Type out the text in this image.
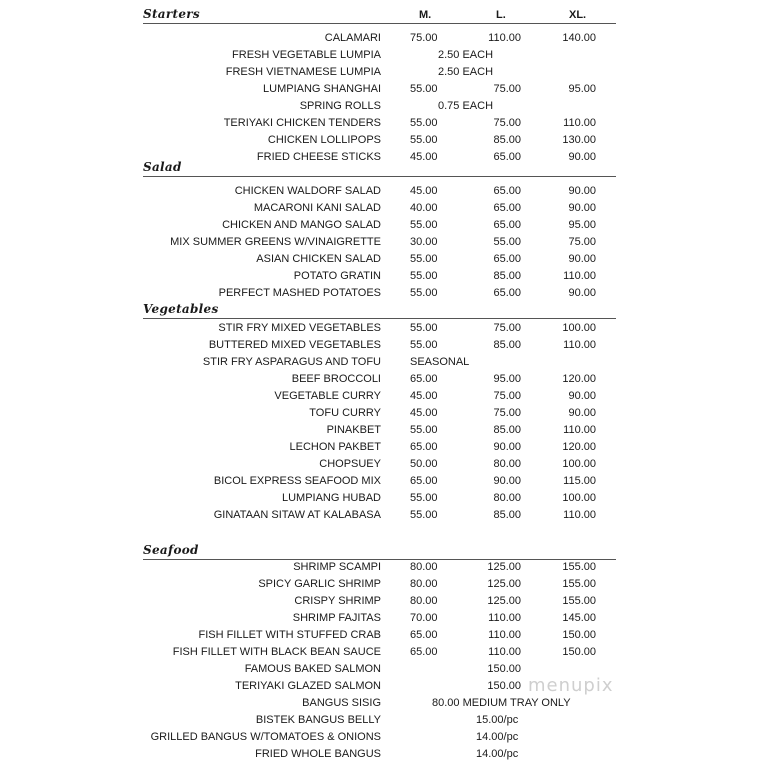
M.	L.	XL.
Starters
Salad
Vegetables
Seafood
CALAMARI	75.00	110.00	140.00
FRESH VEGETABLE LUMPIA	2.50 EACH
FRESH VIETNAMESE LUMPIA	2.50 EACH
LUMPIANG SHANGHAI	55.00	75.00	95.00
SPRING ROLLS	0.75 EACH
TERIYAKI CHICKEN TENDERS	55.00	75.00	110.00
CHICKEN LOLLIPOPS	55.00	85.00	130.00
FRIED CHEESE STICKS	45.00	65.00	90.00
CHICKEN WALDORF SALAD	45.00	65.00	90.00
MACARONI KANI SALAD	40.00	65.00	90.00
CHICKEN AND MANGO SALAD	55.00	65.00	95.00
MIX SUMMER GREENS W/VINAIGRETTE	30.00	55.00	75.00
ASIAN CHICKEN SALAD	55.00	65.00	90.00
POTATO GRATIN	55.00	85.00	110.00
PERFECT MASHED POTATOES	55.00	65.00	90.00
STIR FRY MIXED VEGETABLES	55.00	75.00	100.00
BUTTERED MIXED VEGETABLES	55.00	85.00	110.00
STIR FRY ASPARAGUS AND TOFU	SEASONAL
BEEF BROCCOLI	65.00	95.00	120.00
VEGETABLE CURRY	45.00	75.00	90.00
TOFU CURRY	45.00	75.00	90.00
PINAKBET	55.00	85.00	110.00
LECHON PAKBET	65.00	90.00	120.00
CHOPSUEY	50.00	80.00	100.00
BICOL EXPRESS SEAFOOD MIX	65.00	90.00	115.00
LUMPIANG HUBAD	55.00	80.00	100.00
GINATAAN SITAW AT KALABASA	55.00	85.00	110.00
SHRIMP SCAMPI	80.00	125.00	155.00
SPICY GARLIC SHRIMP	80.00	125.00	155.00
CRISPY SHRIMP	80.00	125.00	155.00
SHRIMP FAJITAS	70.00	110.00	145.00
FISH FILLET WITH STUFFED CRAB	65.00	110.00	150.00
FISH FILLET WITH BLACK BEAN SAUCE	65.00	110.00	150.00
FAMOUS BAKED SALMON	150.00
TERIYAKI GLAZED SALMON	150.00
BANGUS SISIG	80.00 MEDIUM TRAY ONLY
BISTEK BANGUS BELLY	15.00/pc
GRILLED BANGUS W/TOMATOES & ONIONS	14.00/pc
FRIED WHOLE BANGUS	14.00/pc
menupix
